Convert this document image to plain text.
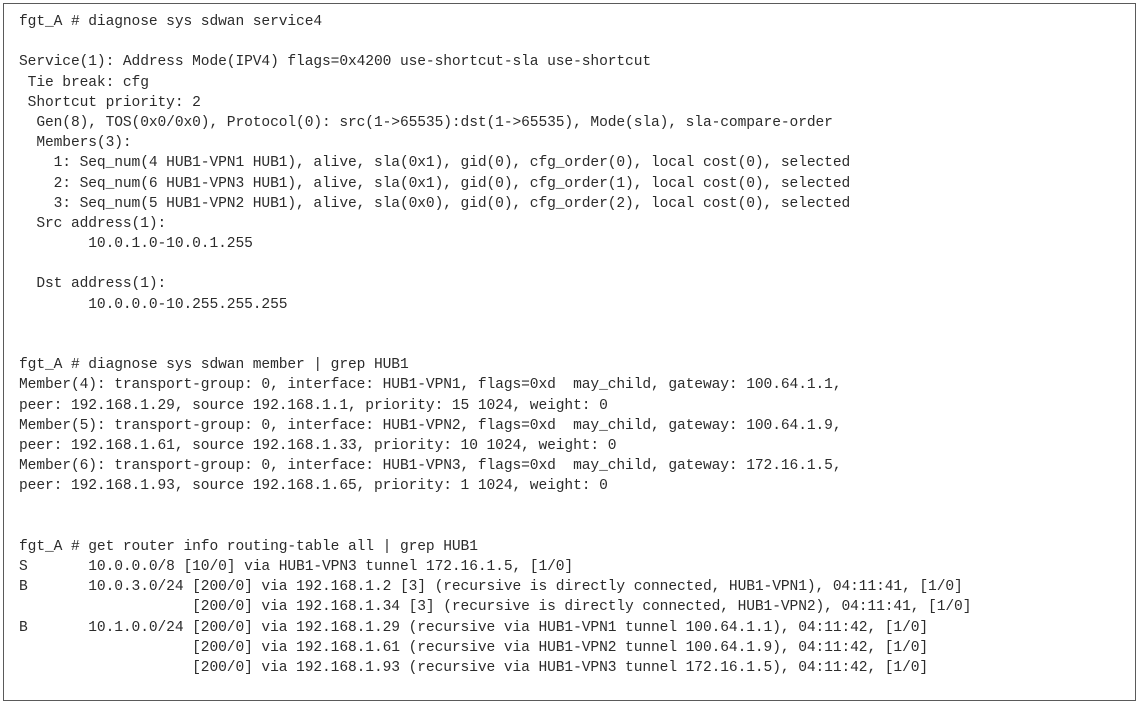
fgt_A # diagnose sys sdwan service4
Service(1): Address Mode(IPV4) flags=0x4200 use-shortcut-sla use-shortcut
Tie break: cfg
Shortcut priority: 2
Gen(8), TOS(0x0/0x0), Protocol(0): src(1->65535):dst(1->65535), Mode(sla), sla-compare-order
Members(3):
1: Seq_num(4 HUB1-VPN1 HUB1), alive, sla(0x1), gid(0), cfg_order(0), local cost(0), selected
2: Seq_num(6 HUB1-VPN3 HUB1), alive, sla(0x1), gid(0), cfg_order(1), local cost(0), selected
3: Seq_num(5 HUB1-VPN2 HUB1), alive, sla(0x0), gid(0), cfg_order(2), local cost(0), selected
Src address(1):
10.0.1.0-10.0.1.255
Dst address(1):
10.0.0.0-10.255.255.255
fgt_A # diagnose sys sdwan member | grep HUB1
Member(4): transport-group: 0, interface: HUB1-VPN1, flags=0xd  may_child, gateway: 100.64.1.1,
peer: 192.168.1.29, source 192.168.1.1, priority: 15 1024, weight: 0
Member(5): transport-group: 0, interface: HUB1-VPN2, flags=0xd  may_child, gateway: 100.64.1.9,
peer: 192.168.1.61, source 192.168.1.33, priority: 10 1024, weight: 0
Member(6): transport-group: 0, interface: HUB1-VPN3, flags=0xd  may_child, gateway: 172.16.1.5,
peer: 192.168.1.93, source 192.168.1.65, priority: 1 1024, weight: 0
fgt_A # get router info routing-table all | grep HUB1
S       10.0.0.0/8 [10/0] via HUB1-VPN3 tunnel 172.16.1.5, [1/0]
B       10.0.3.0/24 [200/0] via 192.168.1.2 [3] (recursive is directly connected, HUB1-VPN1), 04:11:41, [1/0]
[200/0] via 192.168.1.34 [3] (recursive is directly connected, HUB1-VPN2), 04:11:41, [1/0]
B       10.1.0.0/24 [200/0] via 192.168.1.29 (recursive via HUB1-VPN1 tunnel 100.64.1.1), 04:11:42, [1/0]
[200/0] via 192.168.1.61 (recursive via HUB1-VPN2 tunnel 100.64.1.9), 04:11:42, [1/0]
[200/0] via 192.168.1.93 (recursive via HUB1-VPN3 tunnel 172.16.1.5), 04:11:42, [1/0]
